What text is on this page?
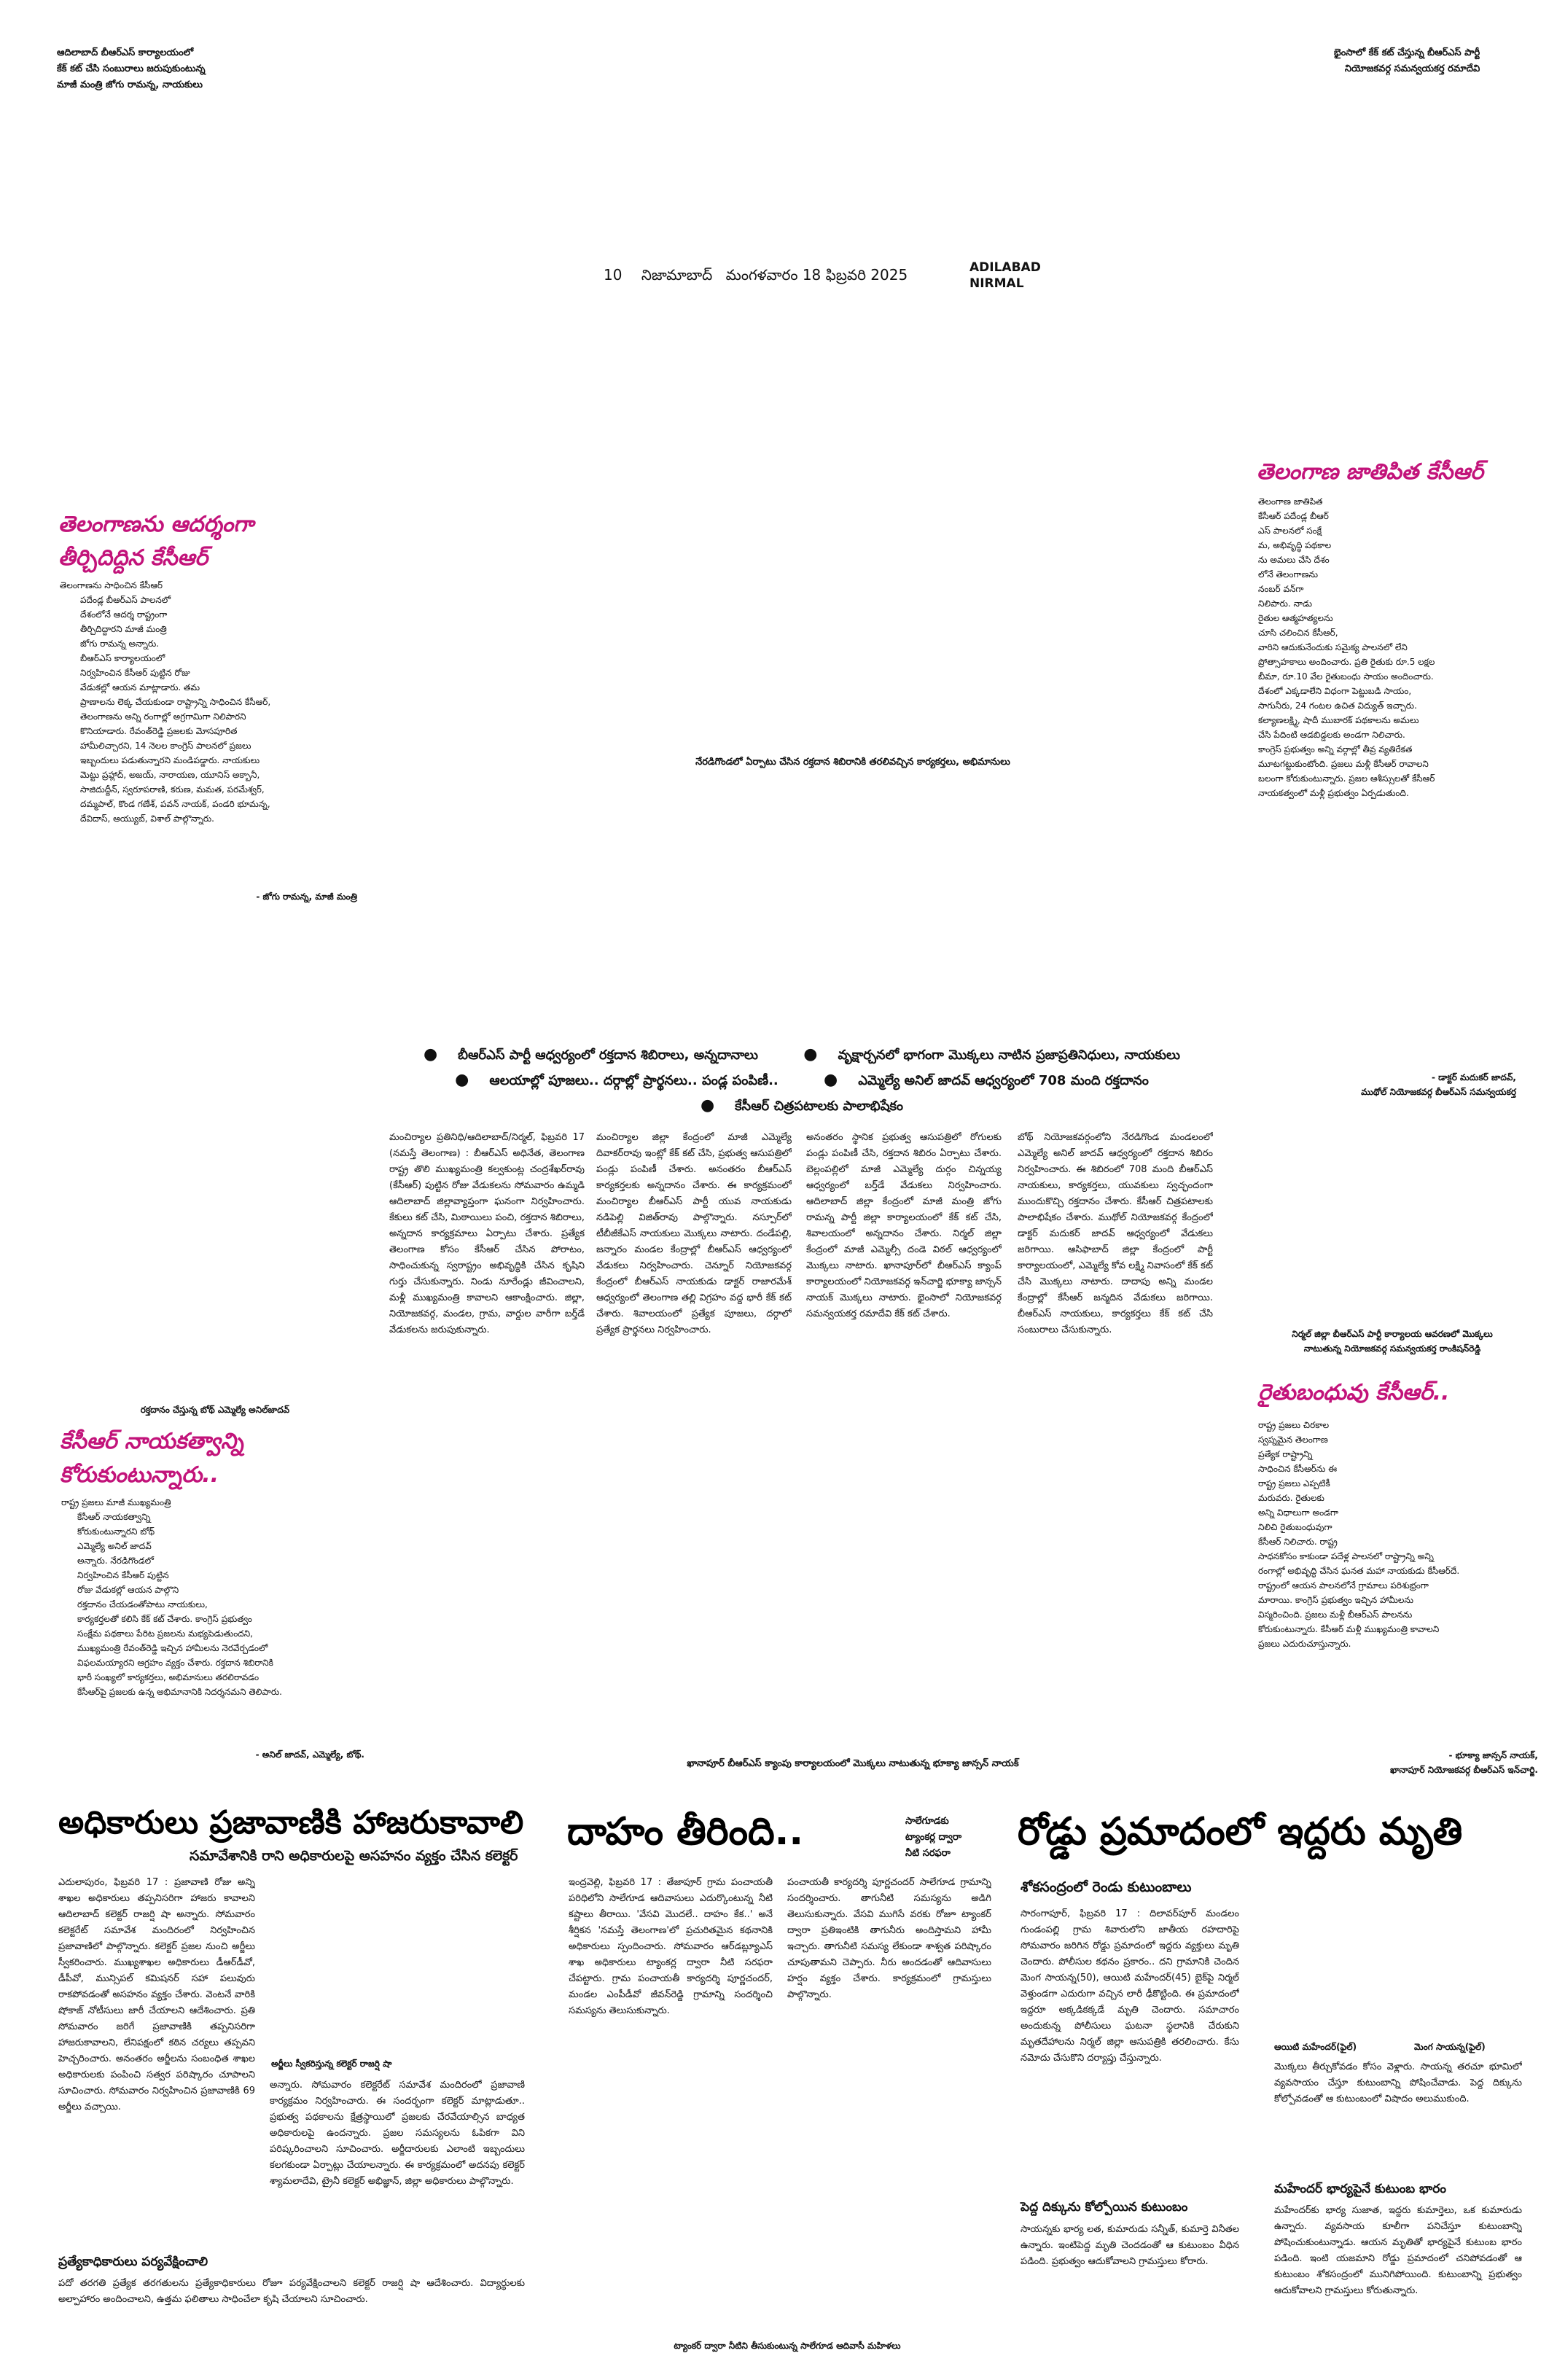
ఆదిలాబాద్ బీఆర్ఎస్ కార్యాలయంలో
కేక్ కట్ చేసి సంబురాలు జరుపుకుంటున్న
మాజీ మంత్రి జోగు రామన్న, నాయకులు
భైంసాలో కేక్ కట్ చేస్తున్న బీఆర్ఎస్ పార్టీ
నియోజకవర్గ సమన్వయకర్త రమాదేవి
10 నిజామాబాద్ మంగళవారం 18 ఫిబ్రవరి 2025	ADILABAD
NIRMAL
తెలంగాణను ఆదర్శంగా
తీర్చిదిద్దిన కేసీఆర్
తెలంగాణను సాధించిన కేసీఆర్
పదేండ్ల బీఆర్ఎస్ పాలనలో
దేశంలోనే ఆదర్శ రాష్ట్రంగా
తీర్చిదిద్దారని మాజీ మంత్రి
జోగు రామన్న అన్నారు.
బీఆర్ఎస్ కార్యాలయంలో
నిర్వహించిన కేసీఆర్ పుట్టిన రోజు
వేడుకల్లో ఆయన మాట్లాడారు. తమ
ప్రాణాలను లెక్క చేయకుండా రాష్ట్రాన్ని సాధించిన కేసీఆర్,
తెలంగాణను అన్ని రంగాల్లో అగ్రగామిగా నిలిపారని
కొనియాడారు. రేవంత్‌రెడ్డి ప్రజలకు మోసపూరిత
హామీలిచ్చారని, 14 నెలల కాంగ్రెస్ పాలనలో ప్రజలు
ఇబ్బందులు పడుతున్నారని మండిపడ్డారు. నాయకులు
మెట్టు ప్రహ్లాద్, అజయ్, నారాయణ, యూనిస్ అక్బానీ,
సాజిదుద్దీన్, స్వరూపరాణి, కరుణ, మమత, పరమేశ్వర్,
దమ్మపాల్, కొండ గణేశ్, పవన్ నాయక్, పండరి భూమన్న,
దేవిదాస్, ఆయ్యుబ్, విశాల్ పాల్గొన్నారు.
- జోగు రామన్న, మాజీ మంత్రి
తెలంగాణ జాతిపిత కేసీఆర్
తెలంగాణ జాతిపిత
కేసీఆర్ పదేండ్ల బీఆర్
ఎస్ పాలనలో సంక్షే
మ, అభివృద్ధి పథకాల
ను అమలు చేసి దేశం
లోనే తెలంగాణను
నంబర్ వన్‌గా
నిలిపారు. నాడు
రైతుల ఆత్మహత్యలను
చూసి చలించిన కేసీఆర్,
వారిని ఆదుకునేందుకు సమైక్య పాలనలో లేని
ప్రోత్సాహకాలు అందించారు. ప్రతి రైతుకు రూ.5 లక్షల
బీమా, రూ.10 వేల రైతుబంధు సాయం అందించారు.
దేశంలో ఎక్కడాలేని విధంగా పెట్టుబడి సాయం,
సాగునీరు, 24 గంటల ఉచిత విద్యుత్ ఇచ్చారు.
కల్యాణలక్ష్మి, షాదీ ముబారక్ పథకాలను అమలు
చేసి పేదింటి ఆడబిడ్డలకు అండగా నిలిచారు.
కాంగ్రెస్ ప్రభుత్వం అన్ని వర్గాల్లో తీవ్ర వ్యతిరేకత
మూటగట్టుకుంటోంది. ప్రజలు మళ్లీ కేసీఆర్ రావాలని
బలంగా కోరుకుంటున్నారు. ప్రజల ఆశీస్సులతో కేసీఆర్
నాయకత్వంలో మళ్లీ ప్రభుత్వం ఏర్పడుతుంది.
- డాక్టర్ మదుకర్ జాదవ్,
ముథోల్ నియోజకవర్గ బీఆర్ఎస్ సమన్వయకర్త
నేరడిగొండలో ఏర్పాటు చేసిన రక్తదాన శిబిరానికి తరలివచ్చిన కార్యకర్తలు, అభిమానులు
● బీఆర్ఎస్ పార్టీ ఆధ్వర్యంలో రక్తదాన శిబిరాలు, అన్నదానాలు	● వృక్షార్చనలో భాగంగా మొక్కలు నాటిన ప్రజాప్రతినిధులు, నాయకులు
● ఆలయాల్లో పూజలు.. దర్గాల్లో ప్రార్థనలు.. పండ్ల పంపిణీ..	● ఎమ్మెల్యే అనిల్ జాదవ్ ఆధ్వర్యంలో 708 మంది రక్తదానం
● కేసీఆర్ చిత్రపటాలకు పాలాభిషేకం
మంచిర్యాల ప్రతినిధి/ఆదిలాబాద్/నిర్మల్, ఫిబ్రవరి 17 (నమస్తే తెలంగాణ) : బీఆర్ఎస్ అధినేత, తెలంగాణ రాష్ట్ర తొలి ముఖ్యమంత్రి కల్వకుంట్ల చంద్రశేఖర్‌రావు (కేసీఆర్) పుట్టిన రోజు వేడుకలను సోమవారం ఉమ్మడి ఆదిలాబాద్ జిల్లావ్యాప్తంగా ఘనంగా నిర్వహించారు. కేకులు కట్ చేసి, మిఠాయిలు పంచి, రక్తదాన శిబిరాలు, అన్నదాన కార్యక్రమాలు ఏర్పాటు చేశారు. ప్రత్యేక తెలంగాణ కోసం కేసీఆర్ చేసిన పోరాటం, సాధించుకున్న స్వరాష్ట్రం అభివృద్ధికి చేసిన కృషిని గుర్తు చేసుకున్నారు. నిండు నూరేండ్లు జీవించాలని, మళ్లీ ముఖ్యమంత్రి కావాలని ఆకాంక్షించారు. జిల్లా, నియోజకవర్గ, మండల, గ్రామ, వార్డుల వారీగా బర్త్‌డే వేడుకలను జరుపుకున్నారు.
మంచిర్యాల జిల్లా కేంద్రంలో మాజీ ఎమ్మెల్యే దివాకర్‌రావు ఇంట్లో కేక్ కట్ చేసి, ప్రభుత్వ ఆసుపత్రిలో పండ్లు పంపిణీ చేశారు. అనంతరం బీఆర్ఎస్ కార్యకర్తలకు అన్నదానం చేశారు. ఈ కార్యక్రమంలో మంచిర్యాల బీఆర్ఎస్ పార్టీ యువ నాయకుడు నడిపెల్లి విజిత్‌రావు పాల్గొన్నారు. నస్పూర్‌లో టీబీజీకేఎస్ నాయకులు మొక్కలు నాటారు. దండేపల్లి, జన్నారం మండల కేంద్రాల్లో బీఆర్ఎస్ ఆధ్వర్యంలో వేడుకలు నిర్వహించారు. చెన్నూర్ నియోజకవర్గ కేంద్రంలో బీఆర్ఎస్ నాయకుడు డాక్టర్ రాజారమేశ్ ఆధ్వర్యంలో తెలంగాణ తల్లి విగ్రహం వద్ద భారీ కేక్ కట్ చేశారు. శివాలయంలో ప్రత్యేక పూజలు, దర్గాలో ప్రత్యేక ప్రార్థనలు నిర్వహించారు.
అనంతరం స్థానిక ప్రభుత్వ ఆసుపత్రిలో రోగులకు పండ్లు పంపిణీ చేసి, రక్తదాన శిబిరం ఏర్పాటు చేశారు. బెల్లంపల్లిలో మాజీ ఎమ్మెల్యే దుర్గం చిన్నయ్య ఆధ్వర్యంలో బర్త్‌డే వేడుకలు నిర్వహించారు. ఆదిలాబాద్ జిల్లా కేంద్రంలో మాజీ మంత్రి జోగు రామన్న పార్టీ జిల్లా కార్యాలయంలో కేక్ కట్ చేసి, శివాలయంలో అన్నదానం చేశారు. నిర్మల్ జిల్లా కేంద్రంలో మాజీ ఎమ్మెల్సీ దండె విఠల్ ఆధ్వర్యంలో మొక్కలు నాటారు. ఖానాపూర్‌లో బీఆర్ఎస్ క్యాంప్ కార్యాలయంలో నియోజకవర్గ ఇన్‌చార్జి భూక్యా జాన్సన్ నాయక్ మొక్కలు నాటారు. భైంసాలో నియోజకవర్గ సమన్వయకర్త రమాదేవి కేక్ కట్ చేశారు.
బోథ్ నియోజకవర్గంలోని నేరడిగొండ మండలంలో ఎమ్మెల్యే అనిల్ జాదవ్ ఆధ్వర్యంలో రక్తదాన శిబిరం నిర్వహించారు. ఈ శిబిరంలో 708 మంది బీఆర్ఎస్ నాయకులు, కార్యకర్తలు, యువకులు స్వచ్ఛందంగా ముందుకొచ్చి రక్తదానం చేశారు. కేసీఆర్ చిత్రపటాలకు పాలాభిషేకం చేశారు. ముథోల్ నియోజకవర్గ కేంద్రంలో డాక్టర్ మదుకర్ జాదవ్ ఆధ్వర్యంలో వేడుకలు జరిగాయి. ఆసిఫాబాద్ జిల్లా కేంద్రంలో పార్టీ కార్యాలయంలో, ఎమ్మెల్యే కోవ లక్ష్మి నివాసంలో కేక్ కట్ చేసి మొక్కలు నాటారు. దాదాపు అన్ని మండల కేంద్రాల్లో కేసీఆర్ జన్మదిన వేడుకలు జరిగాయి. బీఆర్ఎస్ నాయకులు, కార్యకర్తలు కేక్ కట్ చేసి సంబురాలు చేసుకున్నారు.
రక్తదానం చేస్తున్న బోథ్ ఎమ్మెల్యే అనిల్‌జాదవ్
కేసీఆర్ నాయకత్వాన్ని
కోరుకుంటున్నారు..
రాష్ట్ర ప్రజలు మాజీ ముఖ్యమంత్రి
కేసీఆర్ నాయకత్వాన్ని
కోరుకుంటున్నారని బోథ్
ఎమ్మెల్యే అనిల్ జాదవ్
అన్నారు. నేరడిగొండలో
నిర్వహించిన కేసీఆర్ పుట్టిన
రోజు వేడుకల్లో ఆయన పాల్గొని
రక్తదానం చేయడంతోపాటు నాయకులు,
కార్యకర్తలతో కలిసి కేక్ కట్ చేశారు. కాంగ్రెస్ ప్రభుత్వం
సంక్షేమ పథకాలు పేరిట ప్రజలను మభ్యపెడుతుందని,
ముఖ్యమంత్రి రేవంత్‌రెడ్డి ఇచ్చిన హామీలను నెరవేర్చడంలో
విఫలమయ్యారని ఆగ్రహం వ్యక్తం చేశారు. రక్తదాన శిబిరానికి
భారీ సంఖ్యలో కార్యకర్తలు, అభిమానులు తరలిరావడం
కేసీఆర్‌పై ప్రజలకు ఉన్న అభిమానానికి నిదర్శనమని తెలిపారు.
- అనిల్ జాదవ్, ఎమ్మెల్యే, బోథ్.
ఖానాపూర్ బీఆర్ఎస్ క్యాంపు కార్యాలయంలో మొక్కలు నాటుతున్న భూక్యా జాన్సన్ నాయక్
నిర్మల్ జిల్లా బీఆర్ఎస్ పార్టీ కార్యాలయ ఆవరణలో మొక్కలు
నాటుతున్న నియోజకవర్గ సమన్వయకర్త రాంకిషన్‌రెడ్డి
రైతుబంధువు కేసీఆర్..
రాష్ట్ర ప్రజలు చిరకాల
స్వప్నమైన తెలంగాణ
ప్రత్యేక రాష్ట్రాన్ని
సాధించిన కేసీఆర్‌ను ఈ
రాష్ట్ర ప్రజలు ఎప్పటికీ
మరువరు. రైతులకు
అన్ని విధాలుగా అండగా
నిలిచి రైతుబంధువుగా
కేసీఆర్ నిలిచారు. రాష్ట్ర
సాధనకోసం కాకుండా పదేళ్ల పాలనలో రాష్ట్రాన్ని అన్ని
రంగాల్లో అభివృద్ధి చేసిన ఘనత మహా నాయకుడు కేసీఆర్‌దే.
రాష్ట్రంలో ఆయన పాలనలోనే గ్రామాలు పరిశుభ్రంగా
మారాయి. కాంగ్రెస్ ప్రభుత్వం ఇచ్చిన హామీలను
విస్మరించింది. ప్రజలు మళ్లీ బీఆర్ఎస్ పాలనను
కోరుకుంటున్నారు. కేసీఆర్ మళ్లీ ముఖ్యమంత్రి కావాలని
ప్రజలు ఎదురుచూస్తున్నారు.
- భూక్యా జాన్సన్ నాయక్,
ఖానాపూర్ నియోజకవర్గ బీఆర్ఎస్ ఇన్‌చార్జి.
అధికారులు ప్రజావాణికి హాజరుకావాలి
సమావేశానికి రాని అధికారులపై అసహనం వ్యక్తం చేసిన కలెక్టర్
ఎదులాపురం, ఫిబ్రవరి 17 : ప్రజావాణి రోజు అన్ని శాఖల అధికారులు తప్పనిసరిగా హాజరు కావాలని ఆదిలాబాద్ కలెక్టర్ రాజర్షి షా అన్నారు. సోమవారం కలెక్టరేట్ సమావేశ మందిరంలో నిర్వహించిన ప్రజావాణిలో పాల్గొన్నారు. కలెక్టర్ ప్రజల నుంచి అర్జీలు స్వీకరించారు. ముఖ్యశాఖల అధికారులు డీఆర్‌డీవో, డీపీవో, మున్సిపల్ కమిషనర్ సహా పలువురు రాకపోవడంతో అసహనం వ్యక్తం చేశారు. వెంటనే వారికి షోకాజ్ నోటీసులు జారీ చేయాలని ఆదేశించారు. ప్రతి సోమవారం జరిగే ప్రజావాణికి తప్పనిసరిగా హాజరుకావాలని, లేనిపక్షంలో కఠిన చర్యలు తప్పవని హెచ్చరించారు. అనంతరం అర్జీలను సంబంధిత శాఖల అధికారులకు పంపించి సత్వర పరిష్కారం చూపాలని సూచించారు. సోమవారం నిర్వహించిన ప్రజావాణికి 69 అర్జీలు వచ్చాయి.
అర్జీలు స్వీకరిస్తున్న కలెక్టర్ రాజర్షి షా
అన్నారు. సోమవారం కలెక్టరేట్ సమావేశ మందిరంలో ప్రజావాణి కార్యక్రమం నిర్వహించారు. ఈ సందర్భంగా కలెక్టర్ మాట్లాడుతూ.. ప్రభుత్వ పథకాలను క్షేత్రస్థాయిలో ప్రజలకు చేరవేయాల్సిన బాధ్యత అధికారులపై ఉందన్నారు. ప్రజల సమస్యలను ఓపికగా విని పరిష్కరించాలని సూచించారు. అర్జీదారులకు ఎలాంటి ఇబ్బందులు కలగకుండా ఏర్పాట్లు చేయాలన్నారు. ఈ కార్యక్రమంలో అదనపు కలెక్టర్ శ్యామలాదేవి, ట్రైనీ కలెక్టర్ అభిజ్ఞాన్, జిల్లా అధికారులు పాల్గొన్నారు.
ప్రత్యేకాధికారులు పర్యవేక్షించాలి
పదో తరగతి ప్రత్యేక తరగతులను ప్రత్యేకాధికారులు రోజూ పర్యవేక్షించాలని కలెక్టర్ రాజర్షి షా ఆదేశించారు. విద్యార్థులకు అల్పాహారం అందించాలని, ఉత్తమ ఫలితాలు సాధించేలా కృషి చేయాలని సూచించారు.
దాహం తీరింది..	సాలేగూడకు
ట్యాంకర్ల ద్వారా
నీటి సరఫరా
ఇంద్రవెల్లి, ఫిబ్రవరి 17 : తేజాపూర్ గ్రామ పంచాయతీ పరిధిలోని సాలేగూడ ఆదివాసులు ఎదుర్కొంటున్న నీటి కష్టాలు తీరాయి. 'వేసవి మొదలే.. దాహం కేక..' అనే శీర్షికన 'నమస్తే తెలంగాణ'లో ప్రచురితమైన కథనానికి అధికారులు స్పందించారు. సోమవారం ఆర్‌డబ్ల్యూఎస్ శాఖ అధికారులు ట్యాంకర్ల ద్వారా నీటి సరఫరా చేపట్టారు. గ్రామ పంచాయతీ కార్యదర్శి పూర్ణచందర్, మండల ఎంపీడీవో జీవన్‌రెడ్డి గ్రామాన్ని సందర్శించి సమస్యను తెలుసుకున్నారు.
పంచాయతీ కార్యదర్శి పూర్ణచందర్ సాలేగూడ గ్రామాన్ని సందర్శించారు. తాగునీటి సమస్యను అడిగి తెలుసుకున్నారు. వేసవి ముగిసే వరకు రోజూ ట్యాంకర్ ద్వారా ప్రతిఇంటికి తాగునీరు అందిస్తామని హామీ ఇచ్చారు. తాగునీటి సమస్య లేకుండా శాశ్వత పరిష్కారం చూపుతామని చెప్పారు. నీరు అందడంతో ఆదివాసులు హర్షం వ్యక్తం చేశారు. కార్యక్రమంలో గ్రామస్తులు పాల్గొన్నారు.
ట్యాంకర్ ద్వారా నీటిని తీసుకుంటున్న సాలేగూడ ఆదివాసీ మహిళలు
రోడ్డు ప్రమాదంలో ఇద్దరు మృతి
శోకసంద్రంలో రెండు కుటుంబాలు
సారంగాపూర్, ఫిబ్రవరి 17 : దిలావర్‌పూర్ మండలం గుండంపల్లి గ్రామ శివారులోని జాతీయ రహదారిపై సోమవారం జరిగిన రోడ్డు ప్రమాదంలో ఇద్దరు వ్యక్తులు మృతి చెందారు. పోలీసుల కథనం ప్రకారం.. దని గ్రామానికి చెందిన మెంగ సాయన్న(50), ఆయిటి మహేందర్(45) బైక్‌పై నిర్మల్ వెళ్తుండగా ఎదురుగా వచ్చిన లారీ ఢీకొట్టింది. ఈ ప్రమాదంలో ఇద్దరూ అక్కడికక్కడే మృతి చెందారు. సమాచారం అందుకున్న పోలీసులు ఘటనా స్థలానికి చేరుకుని మృతదేహాలను నిర్మల్ జిల్లా ఆసుపత్రికి తరలించారు. కేసు నమోదు చేసుకొని దర్యాప్తు చేస్తున్నారు.
పెద్ద దిక్కును కోల్పోయిన కుటుంబం
సాయన్నకు భార్య లత, కుమారుడు సన్నీత్, కుమార్తె వినీతల ఉన్నారు. ఇంటిపెద్ద మృతి చెందడంతో ఆ కుటుంబం వీధిన పడింది. ప్రభుత్వం ఆదుకోవాలని గ్రామస్తులు కోరారు.
ఆయిటి మహేందర్(ఫైల్)	మెంగ సాయన్న(ఫైల్)
మొక్కలు తీర్చుకోవడం కోసం వెళ్లారు. సాయన్న తరచూ భూమిలో వ్యవసాయం చేస్తూ కుటుంబాన్ని పోషించేవాడు. పెద్ద దిక్కును కోల్పోవడంతో ఆ కుటుంబంలో విషాదం అలుముకుంది.
మహేందర్ భార్యపైనే కుటుంబ భారం
మహేందర్‌కు భార్య సుజాత, ఇద్దరు కుమార్తెలు, ఒక కుమారుడు ఉన్నారు. వ్యవసాయ కూలీగా పనిచేస్తూ కుటుంబాన్ని పోషించుకుంటున్నాడు. ఆయన మృతితో భార్యపైనే కుటుంబ భారం పడింది. ఇంటి యజమాని రోడ్డు ప్రమాదంలో చనిపోవడంతో ఆ కుటుంబం శోకసంద్రంలో మునిగిపోయింది. కుటుంబాన్ని ప్రభుత్వం ఆదుకోవాలని గ్రామస్తులు కోరుతున్నారు.
